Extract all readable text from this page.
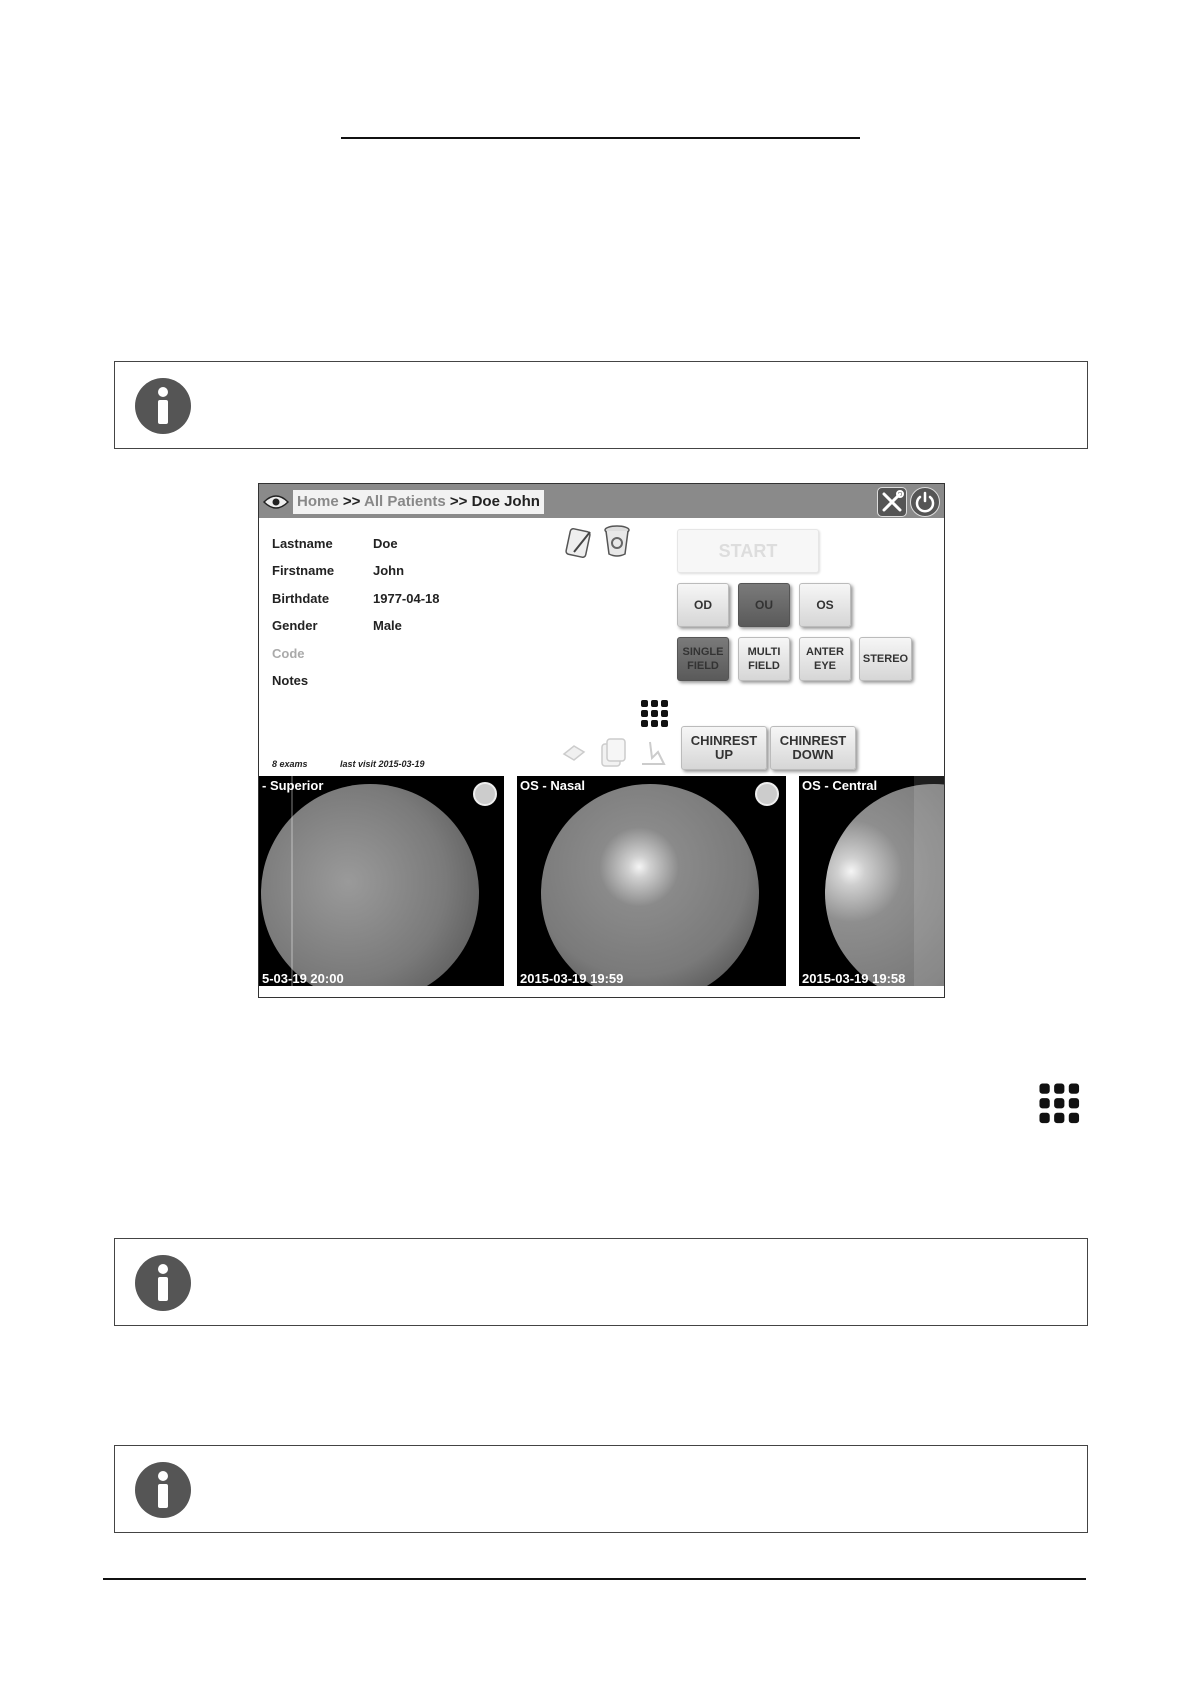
Home >> All Patients >> Doe John
Lastname	Doe
Firstname	John
Birthdate	1977-04-18
Gender	Male
Code
Notes
START
OD	OU	OS
SINGLE
FIELD
MULTI
FIELD
ANTER
EYE
STEREO
CHINREST
UP
CHINREST
DOWN
8 exams	last visit 2015-03-19
- Superior
5-03-19 20:00
OS - Nasal
2015-03-19 19:59
OS - Central
2015-03-19 19:58
